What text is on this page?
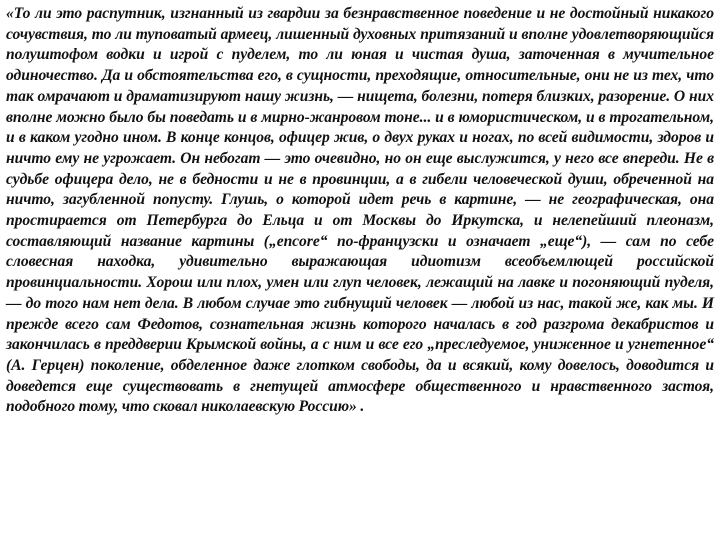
«То ли это распутник, изгнанный из гвардии за безнравственное поведение и не достойный никакого сочувствия, то ли туповатый армеец, лишенный духовных притязаний и вполне удовлетворяющийся полуштофом водки и игрой с пуделем, то ли юная и чистая душа, заточенная в мучительное одиночество. Да и обстоятельства его, в сущности, преходящие, относительные, они не из тех, что так омрачают и драматизируют нашу жизнь, — нищета, болезни, потеря близких, разорение. О них вполне можно было бы поведать и в мирно-жанровом тоне... и в юмористическом, и в трогательном, и в каком угодно ином. В конце концов, офицер жив, о двух руках и ногах, по всей видимости, здоров и ничто ему не угрожает. Он небогат — это очевидно, но он еще выслужится, у него все впереди. Не в судьбе офицера дело, не в бедности и не в провинции, а в гибели человеческой души, обреченной на ничто, загубленной попусту. Глушь, о которой идет речь в картине, — не географическая, она простирается от Петербурга до Ельца и от Москвы до Иркутска, и нелепейший плеоназм, составляющий название картины („encore“ по-французски и означает „еще“), — сам по себе словесная находка, удивительно выражающая идиотизм всеобъемлющей российской провинциальности. Хорош или плох, умен или глуп человек, лежащий на лавке и погоняющий пуделя, — до того нам нет дела. В любом случае это гибнущий человек — любой из нас, такой же, как мы. И прежде всего сам Федотов, сознательная жизнь которого началась в год разгрома декабристов и закончилась в преддверии Крымской войны, а с ним и все его „преследуемое, униженное и угнетенное“ (А. Герцен) поколение, обделенное даже глотком свободы, да и всякий, кому довелось, доводится и доведется еще существовать в гнетущей атмосфере общественного и нравственного застоя, подобного тому, что сковал николаевскую Россию» .
